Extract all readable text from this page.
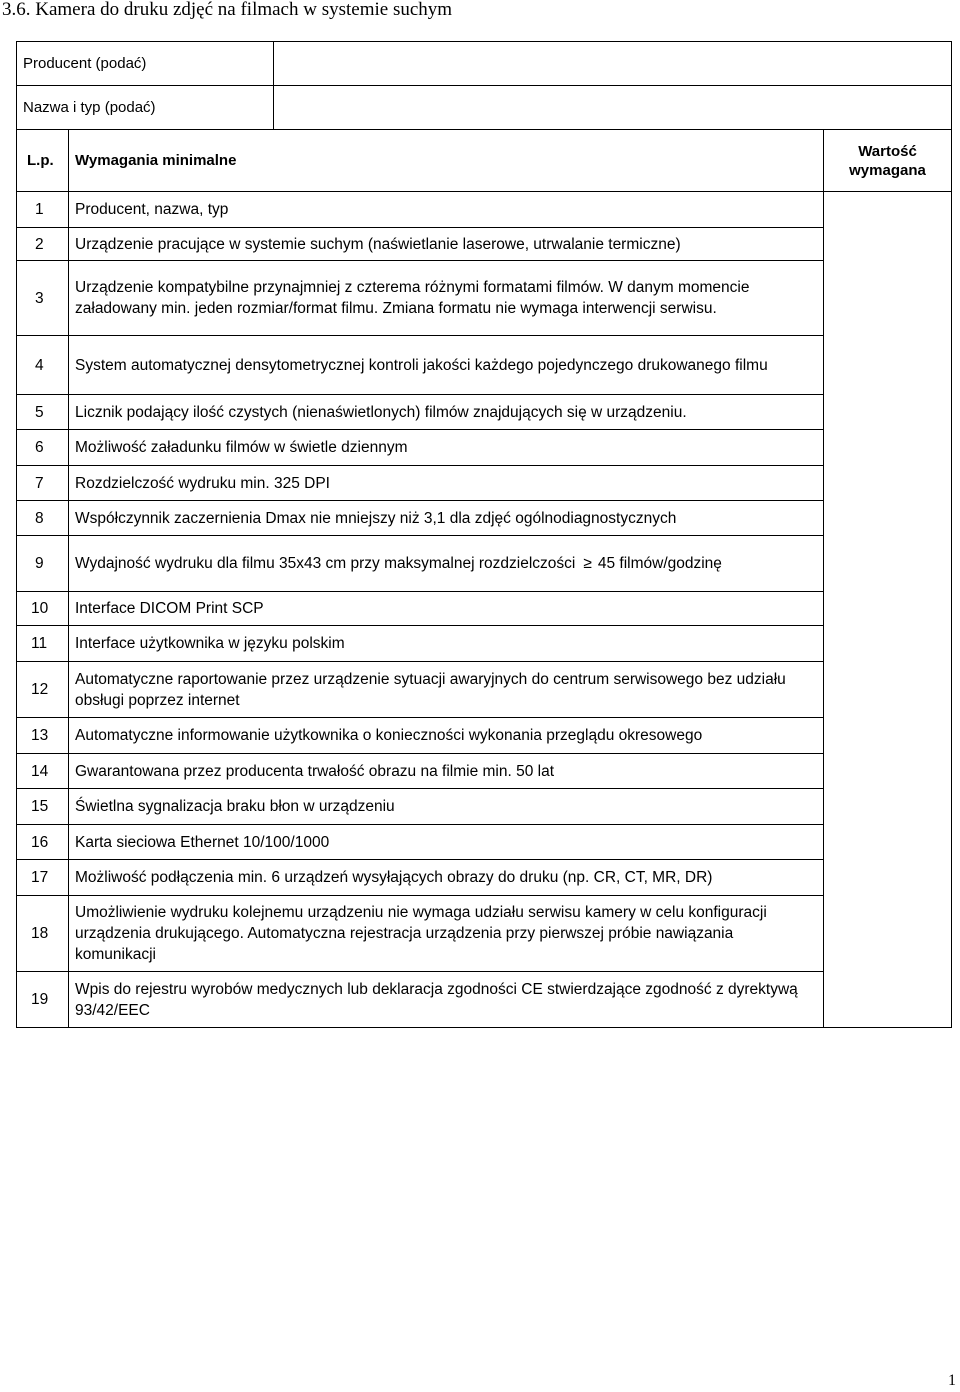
3.6. Kamera do druku zdjęć na filmach w systemie suchym
Producent (podać)			
Nazwa i typ (podać)			
L.p.	Wymagania minimalne		Wartość wymagana
1	Producent, nazwa, typ		
2	Urządzenie pracujące w systemie suchym (naświetlanie laserowe, utrwalanie termiczne)		
3	Urządzenie kompatybilne przynajmniej z czterema różnymi formatami filmów. W danym momencie załadowany min. jeden rozmiar/format filmu. Zmiana formatu nie wymaga interwencji serwisu.		
4	System automatycznej densytometrycznej kontroli jakości każdego pojedynczego drukowanego filmu		
5	Licznik podający ilość czystych (nienaświetlonych) filmów znajdujących się w urządzeniu.		
6	Możliwość załadunku filmów w świetle dziennym		
7	Rozdzielczość wydruku min. 325 DPI		
8	Współczynnik zaczernienia Dmax nie mniejszy niż 3,1 dla zdjęć ogólnodiagnostycznych		
9	Wydajność wydruku dla filmu 35x43 cm przy maksymalnej rozdzielczości ≥ 45 filmów/godzinę		
10	Interface DICOM Print SCP		
11	Interface użytkownika w języku polskim		
12	Automatyczne raportowanie przez urządzenie sytuacji awaryjnych do centrum serwisowego bez udziału obsługi poprzez internet		
13	Automatyczne informowanie użytkownika o konieczności wykonania przeglądu okresowego		
14	Gwarantowana przez producenta trwałość obrazu na filmie min. 50 lat		
15	Świetlna sygnalizacja braku błon w urządzeniu		
16	Karta sieciowa Ethernet 10/100/1000		
17	Możliwość podłączenia min. 6 urządzeń wysyłających obrazy do druku (np. CR, CT, MR, DR)		
18	Umożliwienie wydruku kolejnemu urządzeniu nie wymaga udziału serwisu kamery w celu konfiguracji urządzenia drukującego. Automatyczna rejestracja urządzenia przy pierwszej próbie nawiązania komunikacji		
19	Wpis do rejestru wyrobów medycznych lub deklaracja zgodności CE stwierdzające zgodność z dyrektywą 93/42/EEC		
1
